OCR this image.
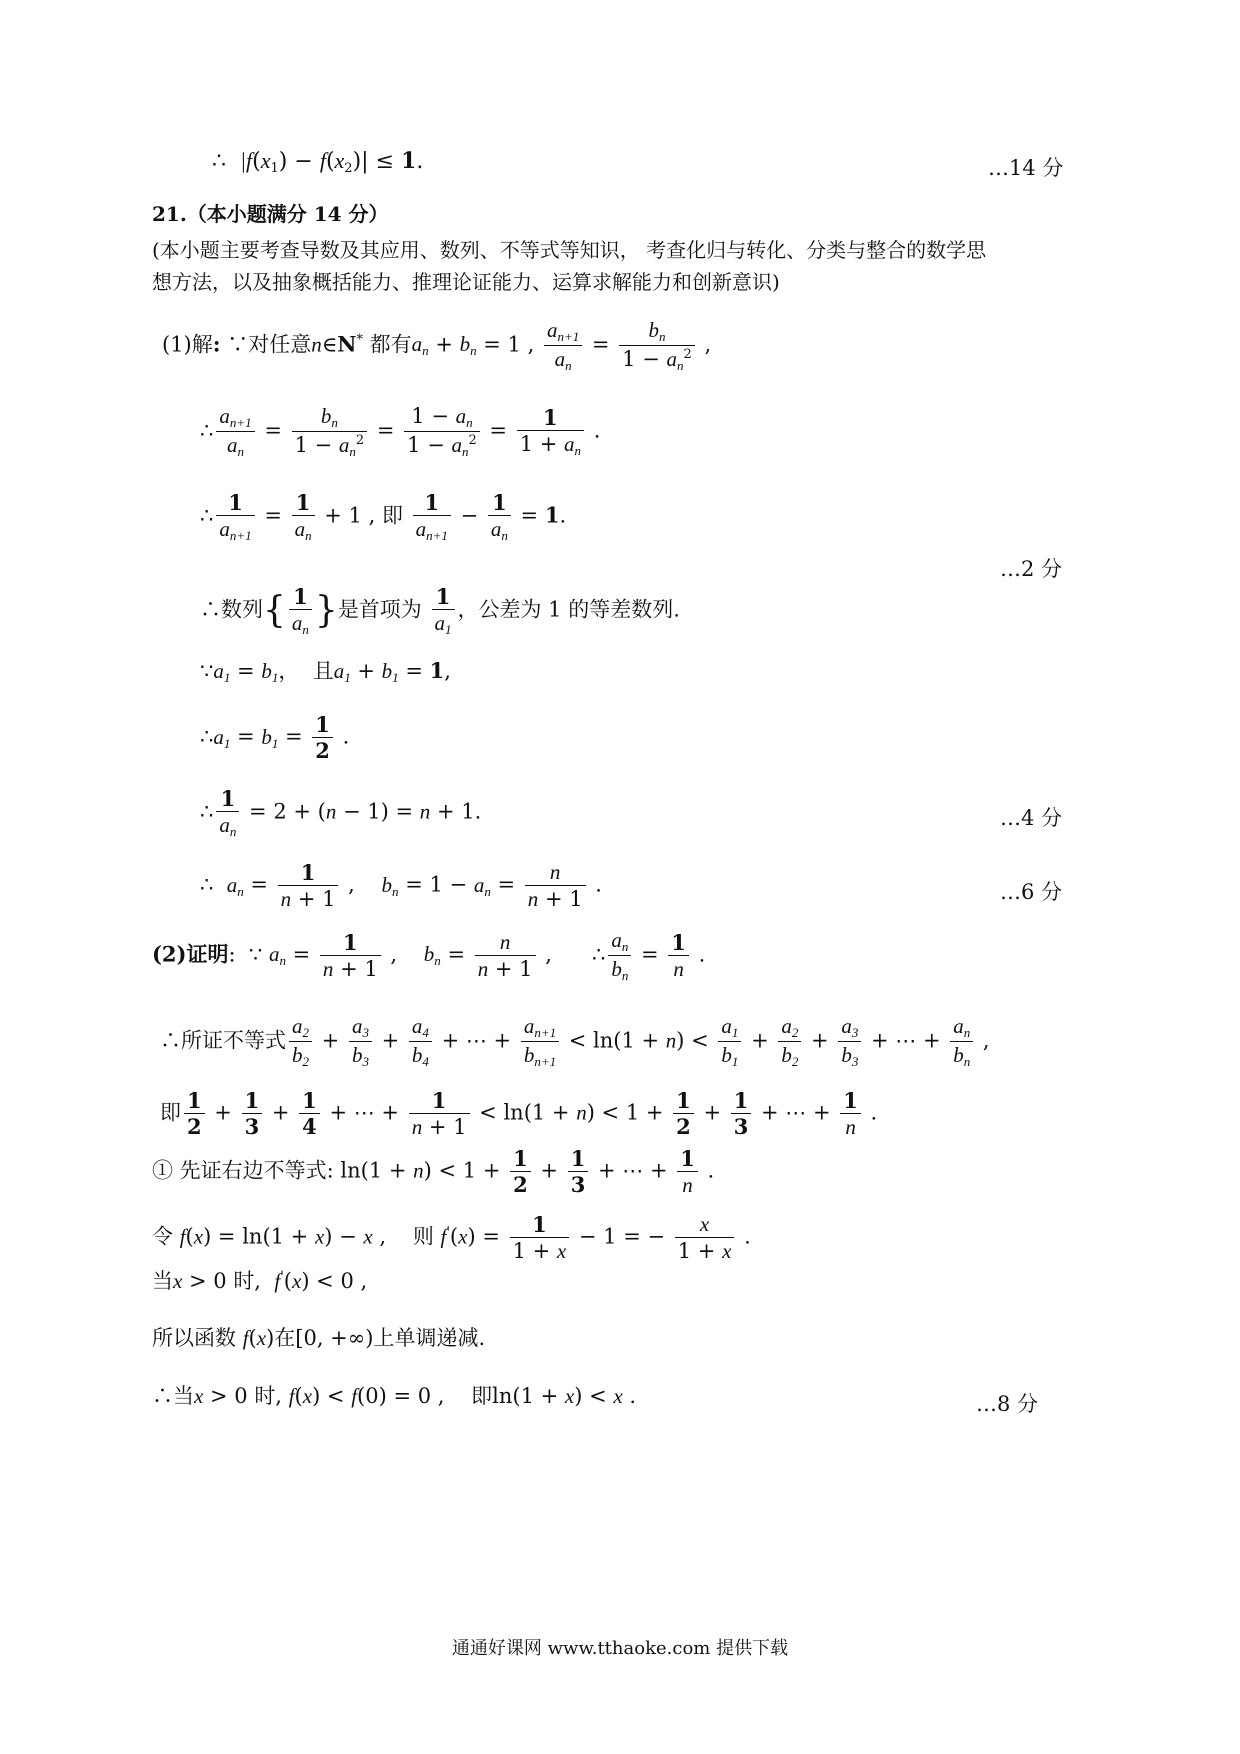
∴  $|f(x_1) - f(x_2)| \le 1$.	…14 分
21.（本小题满分 14 分）
(本小题主要考查导数及其应用、数列、不等式等知识， 考查化归与转化、分类与整合的数学思
想方法，以及抽象概括能力、推理论证能力、运算求解能力和创新意识)
(1)解: ∵对任意n∈N* 都有$a_n + b_n = 1$ , $\frac{a_{n+1}}{a_n} = \frac{b_n}{1 - a_n^2}$ ,
∴ $\frac{a_{n+1}}{a_n} = \frac{b_n}{1 - a_n^2} = \frac{1 - a_n}{1 - a_n^2} = \frac{1}{1 + a_n}$ .
∴ $\frac{1}{a_{n+1}} = \frac{1}{a_n} + 1$ , 即 $\frac{1}{a_{n+1}} - \frac{1}{a_n} = 1$.
…2 分
∴数列{ $\frac{1}{a_n}$ }是首项为 $\frac{1}{a_1}$ ，公差为 1 的等差数列.
$\because a_1 = b_1$，  且$a_1 + b_1 = 1$,
$\therefore a_1 = b_1 = \frac{1}{2}$ .
∴ $\frac{1}{a_n} = 2 + (n - 1) = n + 1$.	…4 分
∴  $a_n = \frac{1}{n + 1}$ ,    $b_n = 1 - a_n = \frac{n}{n + 1}$ .	…6 分
(2)证明:  ∵ $a_n = \frac{1}{n + 1}$ ,    $b_n = \frac{n}{n + 1}$ ,      ∴ $\frac{a_n}{b_n} = \frac{1}{n}$ .
∴所证不等式 $\frac{a_2}{b_2} + \frac{a_3}{b_3} + \frac{a_4}{b_4}$ + ⋯ + $\frac{a_{n+1}}{b_{n+1}} < \ln(1 + n) < \frac{a_1}{b_1} + \frac{a_2}{b_2} + \frac{a_3}{b_3}$ + ⋯ + $\frac{a_n}{b_n}$ ,
即 $\frac{1}{2} + \frac{1}{3} + \frac{1}{4}$ + ⋯ + $\frac{1}{n + 1} < \ln(1 + n) < 1 + \frac{1}{2} + \frac{1}{3}$ + ⋯ + $\frac{1}{n}$ .
① 先证右边不等式: $\ln(1 + n) < 1 + \frac{1}{2} + \frac{1}{3}$ + ⋯ + $\frac{1}{n}$ .
令 f(x) = ln(1 + x) − x ,    则 $f'(x) = \frac{1}{1 + x} - 1$ = − $\frac{x}{1 + x}$ .
当x > 0 时, f'(x) < 0 ,
所以函数 f(x)在[0, +∞)上单调递减.
∴当x > 0 时, f(x) < f(0) = 0 ,    即ln(1 + x) < x .	…8 分
通通好课网 www.tthaoke.com 提供下载
